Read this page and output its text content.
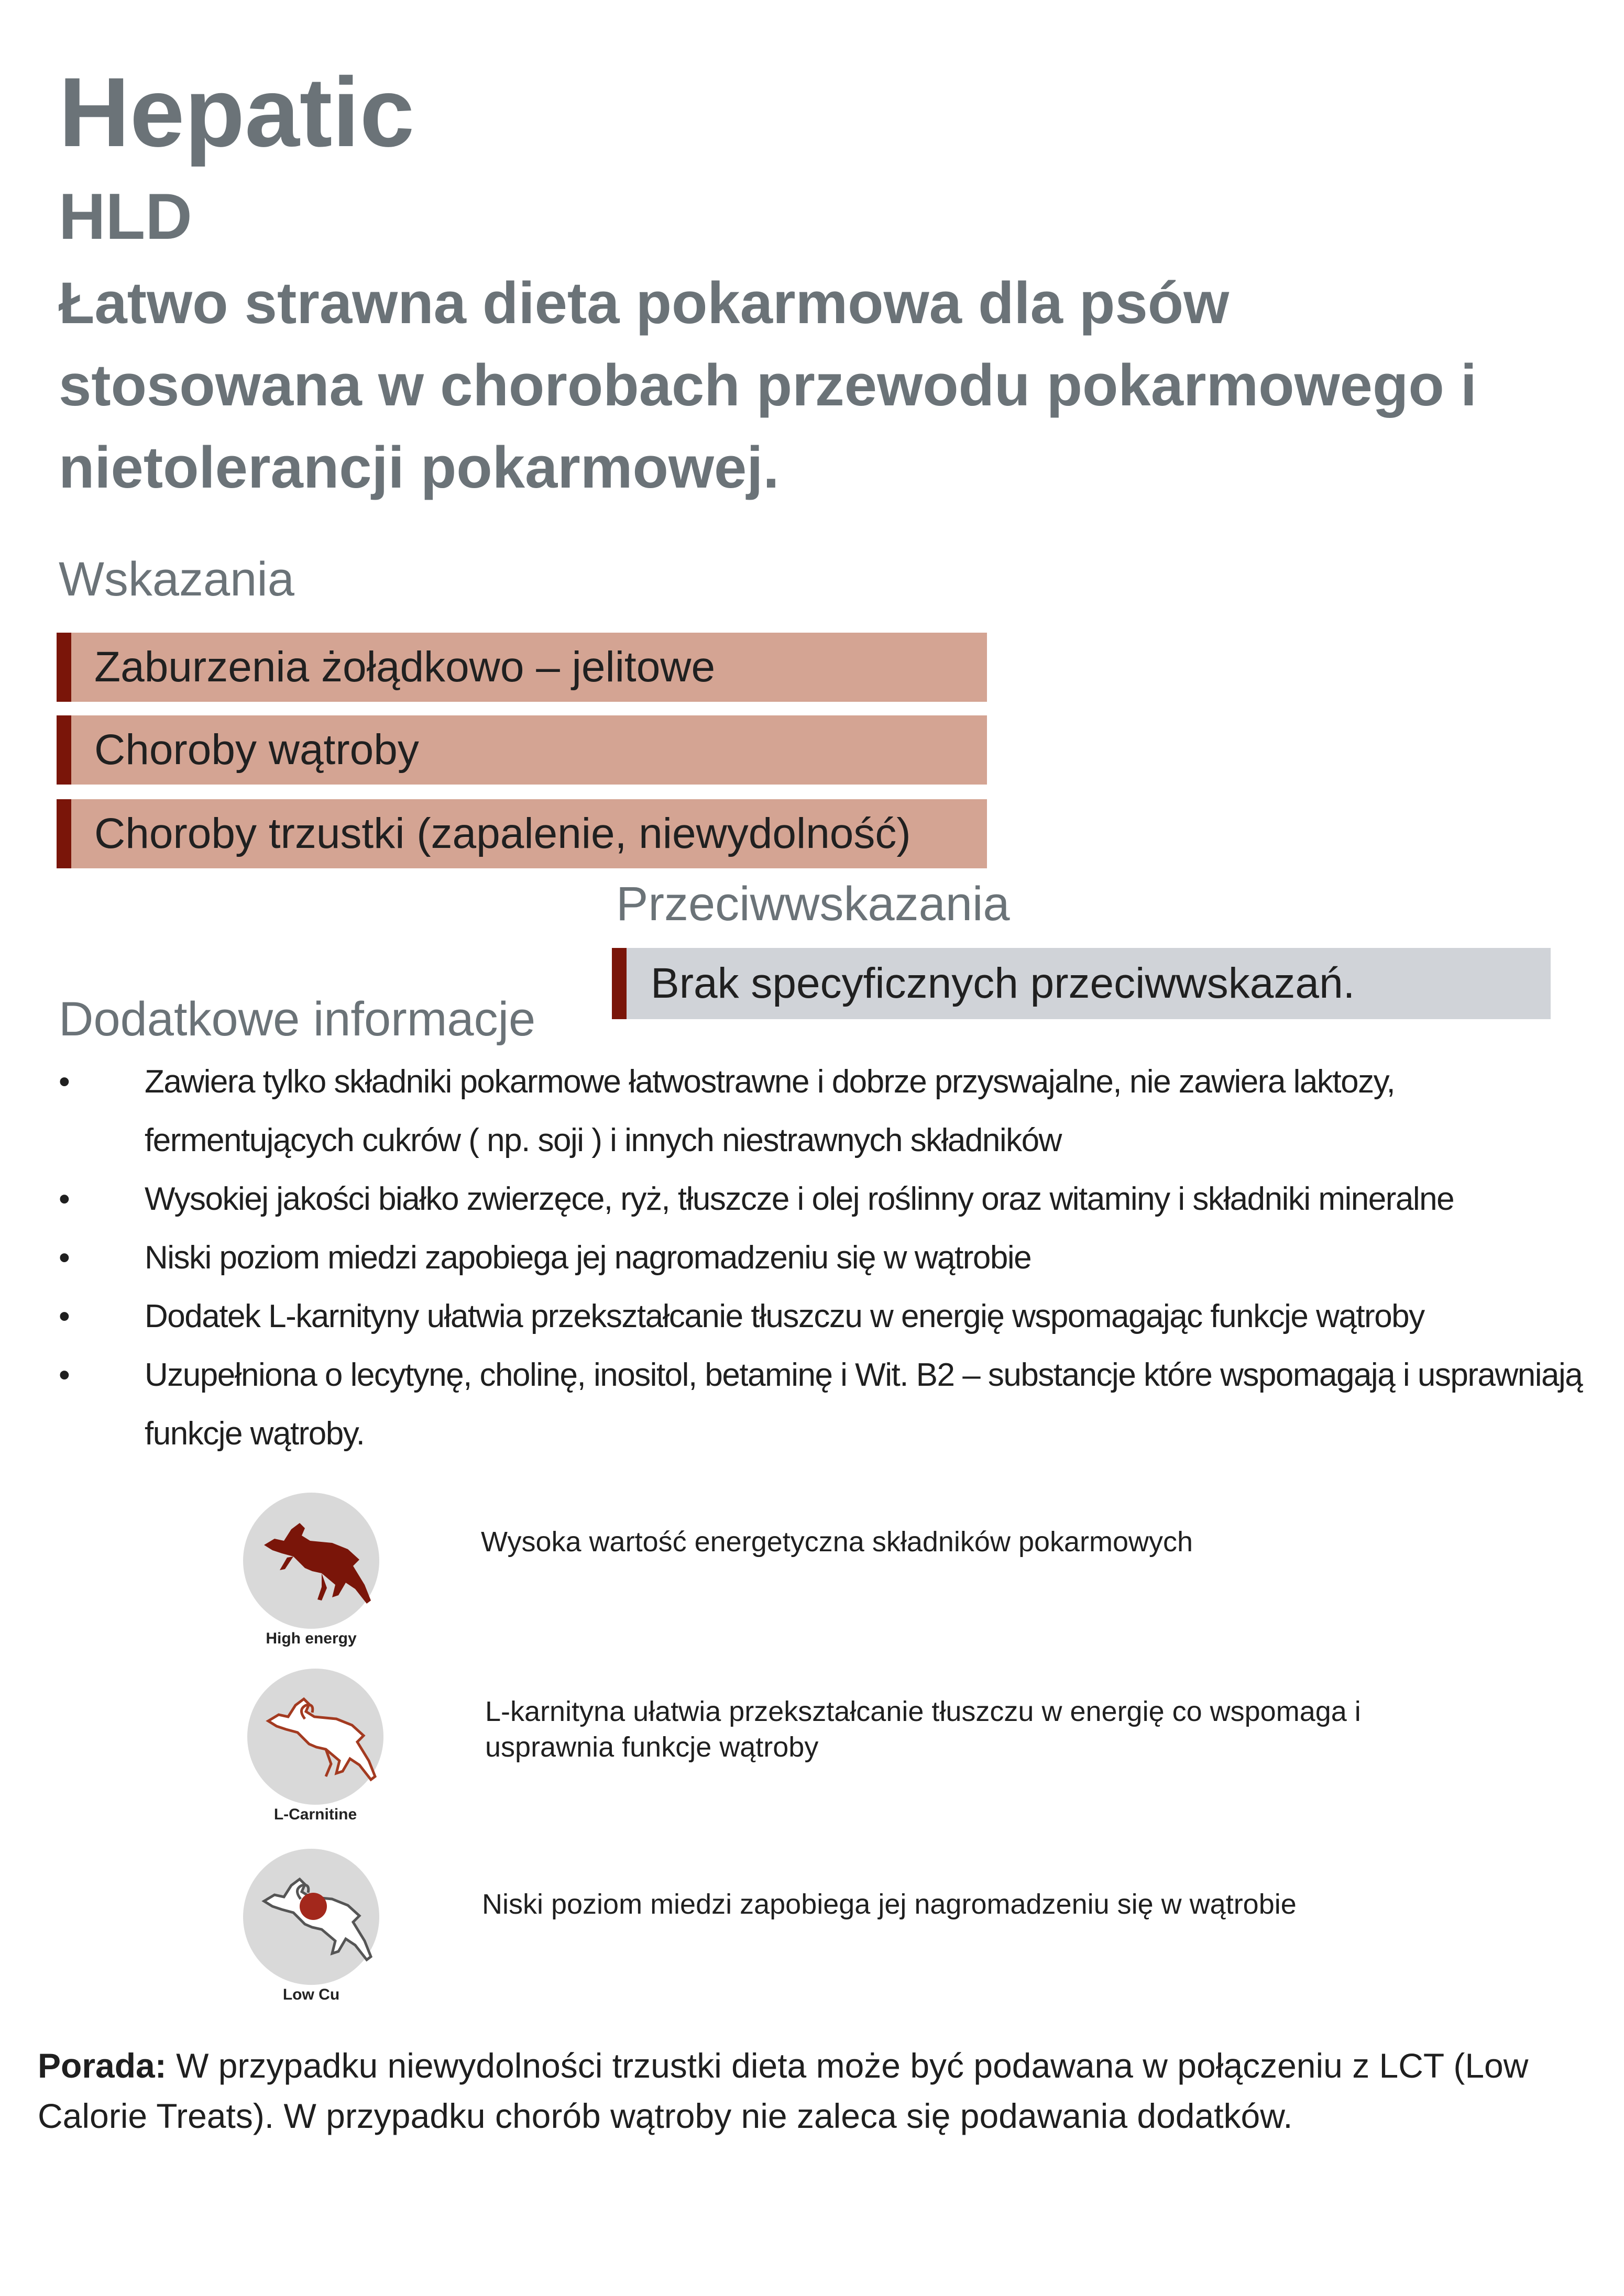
Hepatic
HLD
Łatwo strawna dieta pokarmowa dla psów stosowana w chorobach przewodu pokarmowego i nietolerancji pokarmowej.
Wskazania
Zaburzenia żołądkowo – jelitowe
Choroby wątroby
Choroby trzustki (zapalenie, niewydolność)
Przeciwwskazania
Brak specyficznych przeciwwskazań.
Dodatkowe informacje
• Zawiera tylko składniki pokarmowe łatwostrawne i dobrze przyswajalne, nie zawiera laktozy, fermentujących cukrów ( np. soji ) i innych niestrawnych składników
• Wysokiej jakości białko zwierzęce, ryż, tłuszcze i olej roślinny oraz witaminy i składniki mineralne
• Niski poziom miedzi zapobiega jej nagromadzeniu się w wątrobie
• Dodatek L-karnityny ułatwia przekształcanie tłuszczu w energię wspomagając funkcje wątroby
• Uzupełniona o lecytynę, cholinę, inositol, betaminę i Wit. B2 – substancje które wspomagają i usprawniają funkcje wątroby.
High energy
Wysoka wartość energetyczna składników pokarmowych
L-Carnitine
L-karnityna ułatwia przekształcanie tłuszczu w energię co wspomaga i usprawnia funkcje wątroby
Low Cu
Niski poziom miedzi zapobiega jej nagromadzeniu się w wątrobie
Porada: W przypadku niewydolności trzustki dieta może być podawana w połączeniu z LCT (Low Calorie Treats). W przypadku chorób wątroby nie zaleca się podawania dodatków.
